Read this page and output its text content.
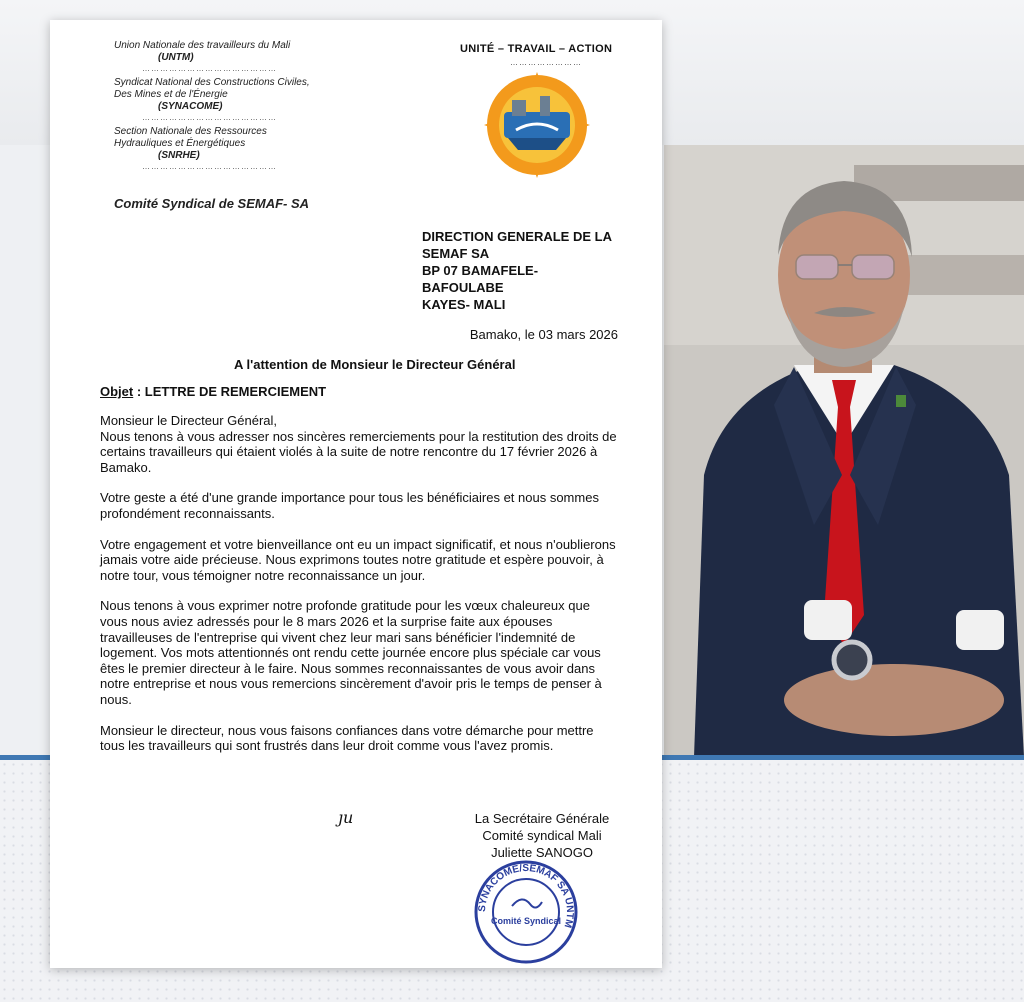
Union Nationale des travailleurs du Mali
(UNTM)
………………………………………
Syndicat National des Constructions Civiles,
Des Mines et de l'Énergie
(SYNACOME)
………………………………………
Section Nationale des Ressources
Hydrauliques et Énergétiques
(SNRHE)
………………………………………
Comité Syndical de SEMAF- SA
UNITÉ – TRAVAIL – ACTION
……………………
DIRECTION GENERALE DE LA
SEMAF SA
BP 07 BAMAFELE-
BAFOULABE
KAYES- MALI
Bamako, le 03 mars 2026
A l'attention de Monsieur le Directeur Général
Objet : LETTRE DE REMERCIEMENT

Monsieur le Directeur Général,
Nous tenons à vous adresser nos sincères remerciements pour la restitution des droits de certains travailleurs qui étaient violés à la suite de notre rencontre du 17 février 2026 à Bamako.

Votre geste a été d'une grande importance pour tous les bénéficiaires et nous sommes profondément reconnaissants.

Votre engagement et votre bienveillance ont eu un impact significatif, et nous n'oublierons jamais votre aide précieuse. Nous exprimons toutes notre gratitude et espère pouvoir, à notre tour, vous témoigner notre reconnaissance un jour.

Nous tenons à vous exprimer notre profonde gratitude pour les vœux chaleureux que vous nous aviez adressés pour le 8 mars 2026 et la surprise faite aux épouses travailleuses de l'entreprise qui vivent chez leur mari sans bénéficier l'indemnité de logement. Vos mots attentionnés ont rendu cette journée encore plus spéciale car vous êtes le premier directeur à le faire. Nous sommes reconnaissantes de vous avoir dans notre entreprise et nous vous remercions sincèrement d'avoir pris le temps de penser à nous.

Monsieur le directeur, nous vous faisons confiances dans votre démarche pour mettre tous les travailleurs qui sont frustrés dans leur droit comme vous l'avez promis.

ȷu	La Secrétaire Générale
Comité syndical Mali
Juliette SANOGO
SYNACOME/SEMAF SA UNTM
Comité Syndical
